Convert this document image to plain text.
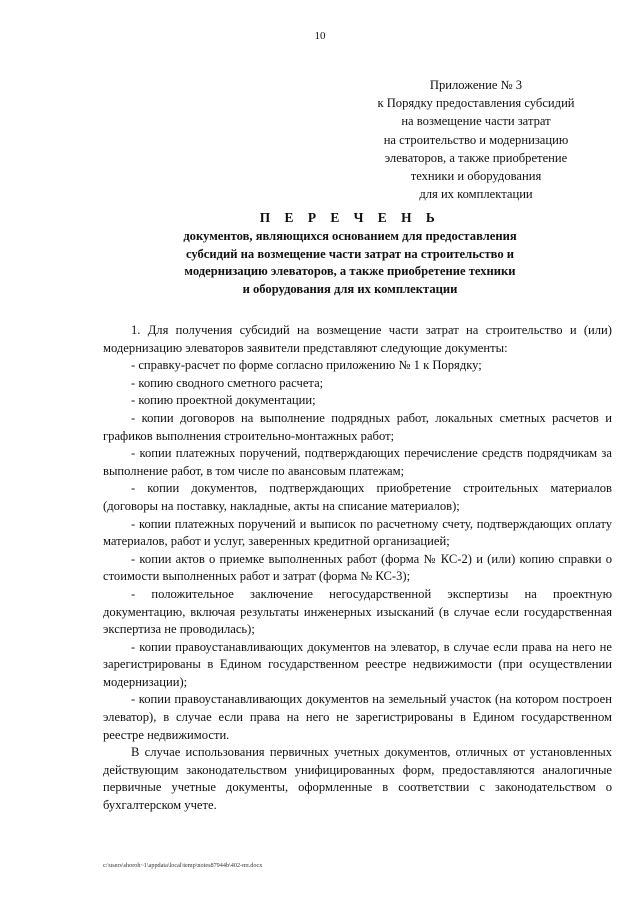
10
Приложение № 3
к Порядку предоставления субсидий
на возмещение части затрат
на строительство и модернизацию
элеваторов, а также приобретение
техники и оборудования
для их комплектации
П Е Р Е Ч Е Н Ь
документов, являющихся основанием для предоставления
субсидий на возмещение части затрат на строительство и
модернизацию элеваторов, а также приобретение техники
и оборудования для их комплектации

1. Для получения субсидий на возмещение части затрат на строительство и (или) модернизацию элеваторов заявители представляют следующие документы:

- справку-расчет по форме согласно приложению № 1 к Порядку;

- копию сводного сметного расчета;

- копию проектной документации;

- копии договоров на выполнение подрядных работ, локальных сметных расчетов и графиков выполнения строительно-монтажных работ;

- копии платежных поручений, подтверждающих перечисление средств подрядчикам за выполнение работ, в том числе по авансовым платежам;

- копии документов, подтверждающих приобретение строительных материалов (договоры на поставку, накладные, акты на списание материалов);

- копии платежных поручений и выписок по расчетному счету, подтверждающих оплату материалов, работ и услуг, заверенных кредитной организацией;

- копии актов о приемке выполненных работ (форма № КС-2) и (или) копию справки о стоимости выполненных работ и затрат (форма № КС-3);

- положительное заключение негосударственной экспертизы на проектную документацию, включая результаты инженерных изысканий (в случае если государственная экспертиза не проводилась);

- копии правоустанавливающих документов на элеватор, в случае если права на него не зарегистрированы в Едином государственном реестре недвижимости (при осуществлении модернизации);

- копии правоустанавливающих документов на земельный участок (на котором построен элеватор), в случае если права на него не зарегистрированы в Едином государственном реестре недвижимости.

В случае использования первичных учетных документов, отличных от установленных действующим законодательством унифицированных форм, предоставляются аналогичные первичные учетные документы, оформленные в соответствии с законодательством о бухгалтерском учете.

c:\users\shoroh~1\appdata\local\temp\notes87944b\402-пп.docx
